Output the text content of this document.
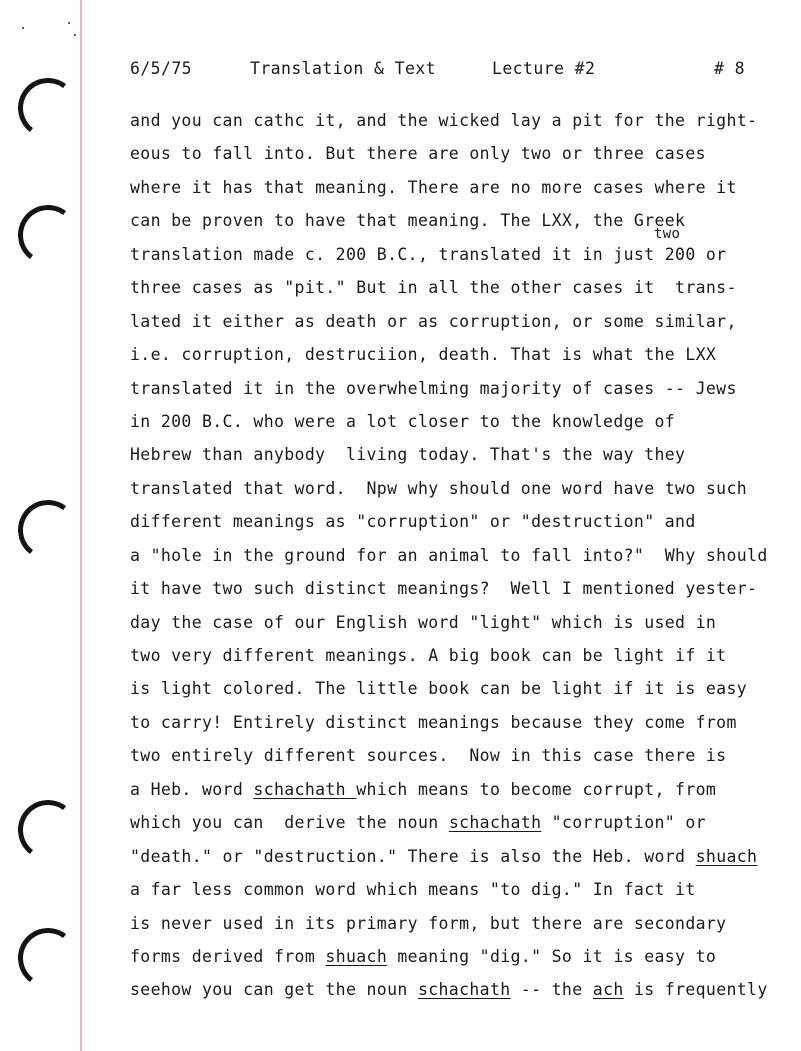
6/5/75	Translation & Text	Lecture #2	# 8
and you can cathc it, and the wicked lay a pit for the right-
eous to fall into. But there are only two or three cases
where it has that meaning. There are no more cases where it
can be proven to have that meaning. The LXX, the Greek
translation made c. 200 B.C., translated it in just 200 or
two
three cases as "pit." But in all the other cases it  trans-
lated it either as death or as corruption, or some similar,
i.e. corruption, destruciion, death. That is what the LXX
translated it in the overwhelming majority of cases -- Jews
in 200 B.C. who were a lot closer to the knowledge of
Hebrew than anybody  living today. That's the way they
translated that word.  Npw why should one word have two such
different meanings as "corruption" or "destruction" and
a "hole in the ground for an animal to fall into?"  Why should
it have two such distinct meanings?  Well I mentioned yester-
day the case of our English word "light" which is used in
two very different meanings. A big book can be light if it
is light colored. The little book can be light if it is easy
to carry! Entirely distinct meanings because they come from
two entirely different sources.  Now in this case there is
a Heb. word schachath which means to become corrupt, from
which you can  derive the noun schachath "corruption" or
"death." or "destruction." There is also the Heb. word shuach
a far less common word which means "to dig." In fact it
is never used in its primary form, but there are secondary
forms derived from shuach meaning "dig." So it is easy to
seehow you can get the noun schachath -- the ach is frequently
